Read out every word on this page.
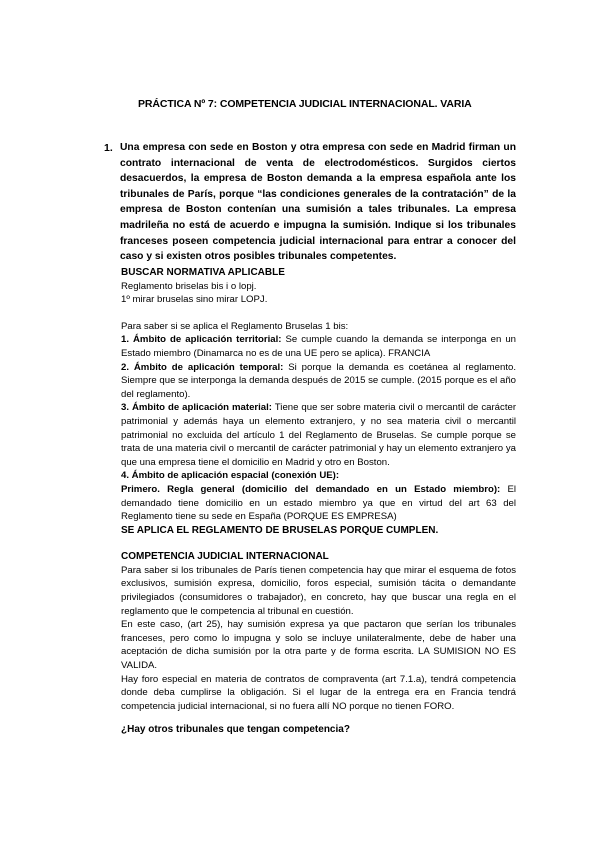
PRÁCTICA Nº 7: COMPETENCIA JUDICIAL INTERNACIONAL. VARIA
1. Una empresa con sede en Boston y otra empresa con sede en Madrid firman un contrato internacional de venta de electrodomésticos. Surgidos ciertos desacuerdos, la empresa de Boston demanda a la empresa española ante los tribunales de París, porque “las condiciones generales de la contratación” de la empresa de Boston contenían una sumisión a tales tribunales. La empresa madrileña no está de acuerdo e impugna la sumisión. Indique si los tribunales franceses poseen competencia judicial internacional para entrar a conocer del caso y si existen otros posibles tribunales competentes.

BUSCAR NORMATIVA APLICABLE

Reglamento briselas bis i o lopj.

1º mirar bruselas sino mirar LOPJ.

Para saber si se aplica el Reglamento Bruselas 1 bis:

1. Ámbito de aplicación territorial: Se cumple cuando la demanda se interponga en un Estado miembro (Dinamarca no es de una UE pero se aplica). FRANCIA

2. Ámbito de aplicación temporal: Si porque la demanda es coetánea al reglamento. Siempre que se interponga la demanda después de 2015 se cumple. (2015 porque es el año del reglamento).

3. Ámbito de aplicación material: Tiene que ser sobre materia civil o mercantil de carácter patrimonial y además haya un elemento extranjero, y no sea materia civil o mercantil patrimonial no excluida del artículo 1 del Reglamento de Bruselas. Se cumple porque se trata de una materia civil o mercantil de carácter patrimonial y hay un elemento extranjero ya que una empresa tiene el domicilio en Madrid y otro en Boston.

4. Ámbito de aplicación espacial (conexión UE):

Primero. Regla general (domicilio del demandado en un Estado miembro): El demandado tiene domicilio en un estado miembro ya que en virtud del art 63 del Reglamento tiene su sede en España (PORQUE ES EMPRESA)

SE APLICA EL REGLAMENTO DE BRUSELAS PORQUE CUMPLEN.

COMPETENCIA JUDICIAL INTERNACIONAL

Para saber si los tribunales de París tienen competencia hay que mirar el esquema de fotos exclusivos, sumisión expresa, domicilio, foros especial, sumisión tácita o demandante privilegiados (consumidores o trabajador), en concreto, hay que buscar una regla en el reglamento que le competencia al tribunal en cuestión.

En este caso, (art 25), hay sumisión expresa ya que pactaron que serían los tribunales franceses, pero como lo impugna y solo se incluye unilateralmente, debe de haber una aceptación de dicha sumisión por la otra parte y de forma escrita. LA SUMISION NO ES VALIDA.

Hay foro especial en materia de contratos de compraventa (art 7.1.a), tendrá competencia donde deba cumplirse la obligación. Si el lugar de la entrega era en Francia tendrá competencia judicial internacional, si no fuera allí NO porque no tienen FORO.

¿Hay otros tribunales que tengan competencia?
